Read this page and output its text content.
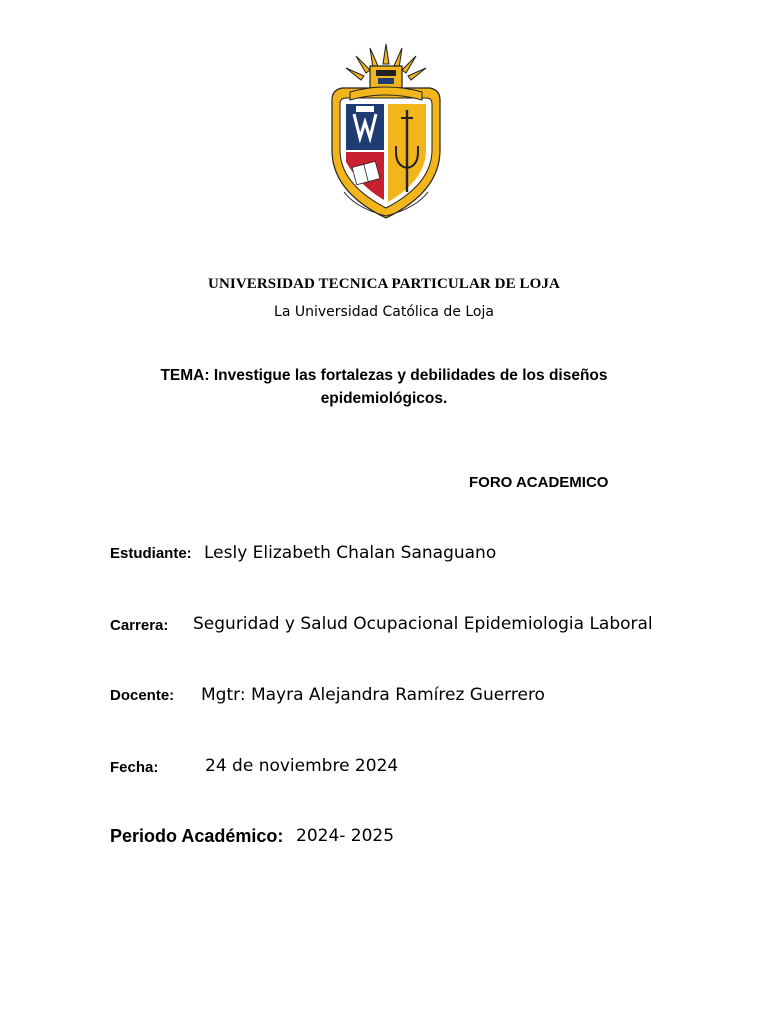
UNIVERSIDAD TECNICA PARTICULAR DE LOJA
La Universidad Católica de Loja
TEMA: Investigue las fortalezas y debilidades de los diseños epidemiológicos.
FORO ACADEMICO
Estudiante: Lesly Elizabeth Chalan Sanaguano
Carrera: Seguridad y Salud Ocupacional Epidemiologia Laboral
Docente: Mgtr: Mayra Alejandra Ramírez Guerrero
Fecha:	24 de noviembre 2024
Periodo Académico: 2024- 2025
